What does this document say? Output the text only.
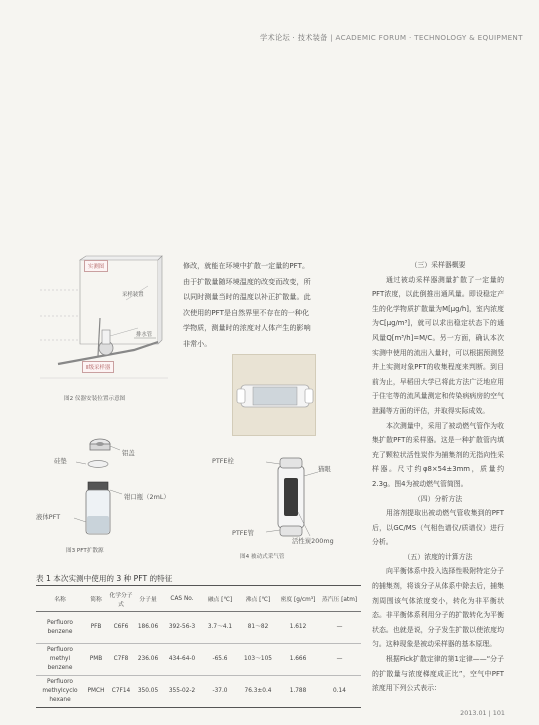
学术论坛 · 技术装备 | ACADEMIC FORUM · TECHNOLOGY & EQUIPMENT
实测图
采样装置
排水管
Ⅱ级采样器
图2 仪器安装位置示意图
铝盖
硅垫
钳口瓶（2mL）
液体PFT
图3 PFT扩散源
修改，就能在环境中扩散一定量的PFT。
由于扩散量随环境温度的改变而改变，所
以同时测量当时的温度以补正扩散量。此
次使用的PFT是自然界里不存在的一种化
学物质，测量时的浓度对人体产生的影响
非常小。
PTFE栓
猫眼
PTFE管
活性炭200mg
图4 被动式采气管

（三）采样器概要

通过被动采样器测量扩散了一定量的PFT浓度，以此倒推出通风量。即设稳定产生的化学物质扩散量为M[μg/h]，室内浓度为C[μg/m³]，就可以求出稳定状态下的通风量Q[m³/h]=M/C。另一方面，确认本次实测中使用的流出入量时，可以根据预测竖井上实测对象PFT的收集程度来判断。到目前为止，早稻田大学已将此方法广泛地应用于住宅等的流风量测定和传染病病房的空气泄漏等方面的评估，并取得实际成效。

本次测量中，采用了被动燃气管作为收集扩散PFT的采样器。这是一种扩散管内填充了颗粒状活性炭作为捕集剂的无指向性采样器。尺寸约φ8×54±3mm，质量约2.3g。图4为被动燃气管简图。

（四）分析方法

用溶剂提取出被动燃气管收集到的PFT后，以GC/MS（气相色谱仪/质谱仪）进行分析。

（五）浓度的计算方法

向平衡体系中投入选择性吸附特定分子的捕集剂，将该分子从体系中除去后，捕集剂周围该气体浓度变小，转化为非平衡状态。非平衡体系利用分子的扩散转化为平衡状态。也就是说，分子发生扩散以使浓度均匀。这种现象是被动采样器的基本原理。

根据Fick扩散定律的第1定律——“分子的扩散量与浓度梯度成正比”，空气中PFT浓度用下列公式表示：

表 1 本次实测中使用的 3 种 PFT 的特征
名称	简称	化学分子式	分子量	CAS No.	融点 [℃]	沸点 [℃]	密度 [g/cm³]	蒸汽压 [atm]
Perfluoro benzene	PFB	C6F6	186.06	392-56-3	3.7～4.1	81～82	1.612	—
Perfluoro methyl benzene	PMB	C7F8	236.06	434-64-0	-65.6	103～105	1.666	—
Perfluoro methylcyclo hexane	PMCH	C7F14	350.05	355-02-2	-37.0	76.3±0.4	1.788	0.14
2013.01 | 101
